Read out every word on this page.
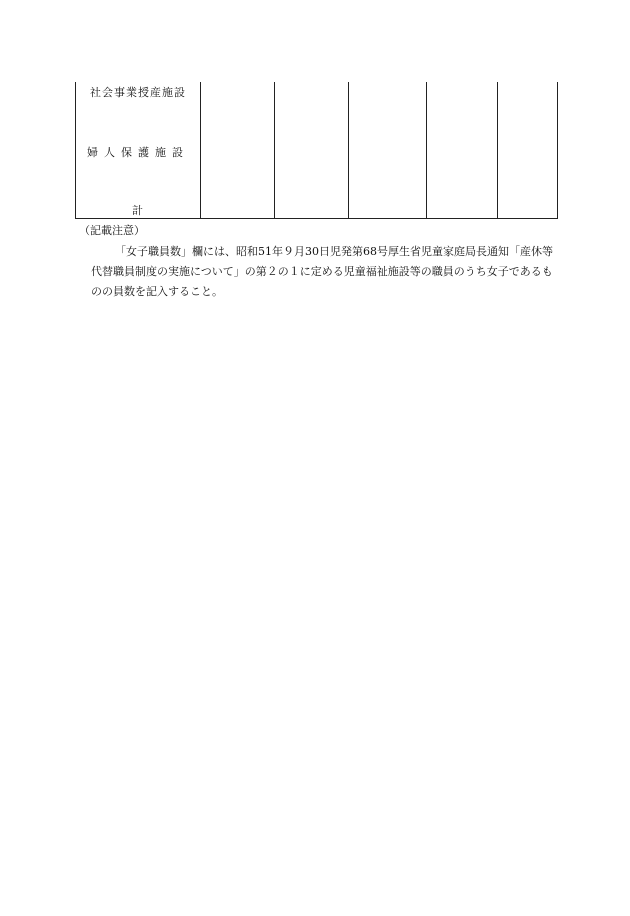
社会事業授産施設					

婦人保護施設					

計					

（記載注意）
「女子職員数」欄には、昭和51年９月30日児発第68号厚生省児童家庭局長通知「産休等代替職員制度の実施について」の第２の１に定める児童福祉施設等の職員のうち女子であるものの員数を記入すること。
